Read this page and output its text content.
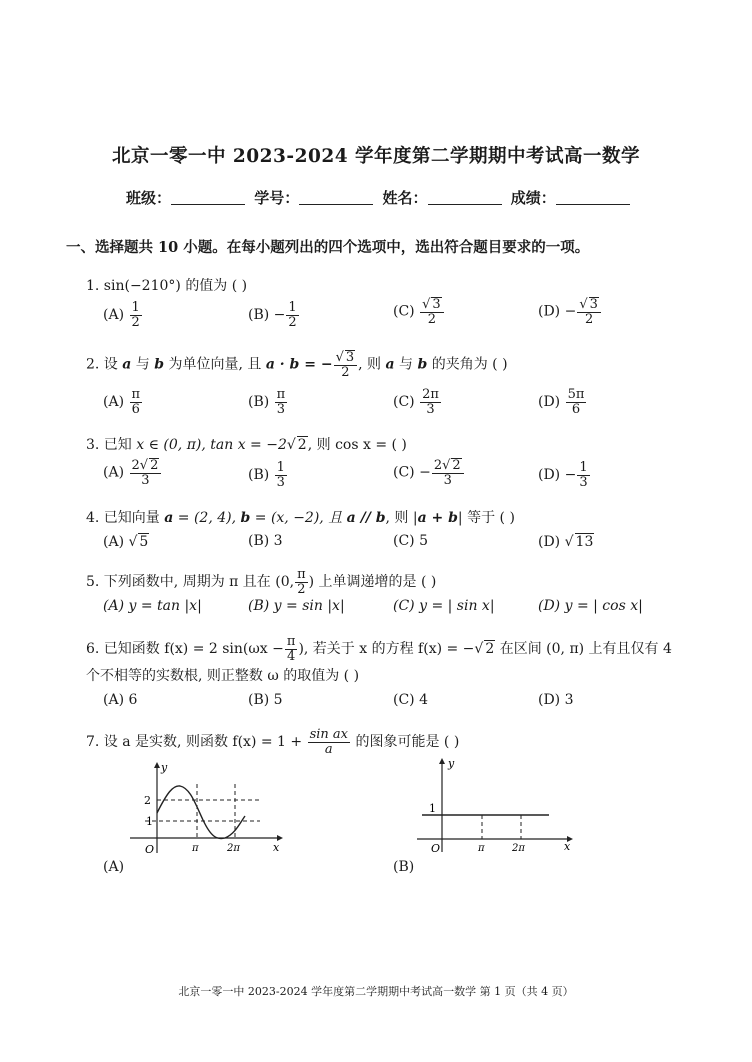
北京一零一中 2023-2024 学年度第二学期期中考试高一数学
班级：	学号：	姓名：	成绩：
一、选择题共 10 小题。在每小题列出的四个选项中，选出符合题目要求的一项。
1. sin(−210°) 的值为 ( )
$(A) \frac{1}{2}$	$(B) - \frac{1}{2}$	$(C) \frac{√ 3}{2}$	$(D) - \frac{√ 3}{2}$
2. 设 a 与 b 为单位向量, 且 a · b = − $\frac{√ 3}{2}$ , 则 a 与 b 的夹角为 ( )
$(A) \frac{\pi}{6}$	$(B) \frac{\pi}{3}$	$(C) \frac{2\pi}{3}$	$(D) \frac{5\pi}{6}$
3. 已知 x ∈ (0, π), tan x = −2√ 2, 则 cos x = ( )
$(A) \frac{2√ 2}{3}$	$(B) \frac{1}{3}$	$(C) - \frac{2√ 2}{3}$	$(D) - \frac{1}{3}$
4. 已知向量 a = (2, 4), b = (x, −2), 且 a // b, 则 |a + b| 等于 ( )
(A) √ 5	(B) 3	(C) 5	(D) √ 13
5. 下列函数中, 周期为 π 且在 (0, $\frac{\pi}{2}$ ) 上单调递增的是 ( )
(A) y = tan |x|	(B) y = sin |x|	(C) y = | sin x|	(D) y = | cos x|
6. 已知函数 f(x) = 2 $\sin(\omega x - \frac{\pi}{4}$ ), 若关于 x 的方程 f(x) = −√ 2 在区间 (0, π) 上有且仅有 4
个不相等的实数根, 则正整数 ω 的取值为 ( )
(A) 6	(B) 5	(C) 4	(D) 3
7. 设 a 是实数, 则函数 $f(x) = 1 + \frac{\text{sin ax}}{a}$ 的图象可能是 ( )
y
x
O
2
1
π	2π
y
x
O
1
π	2π
(A)	(B)
北京一零一中 2023-2024 学年度第二学期期中考试高一数学 第 1 页（共 4 页）
